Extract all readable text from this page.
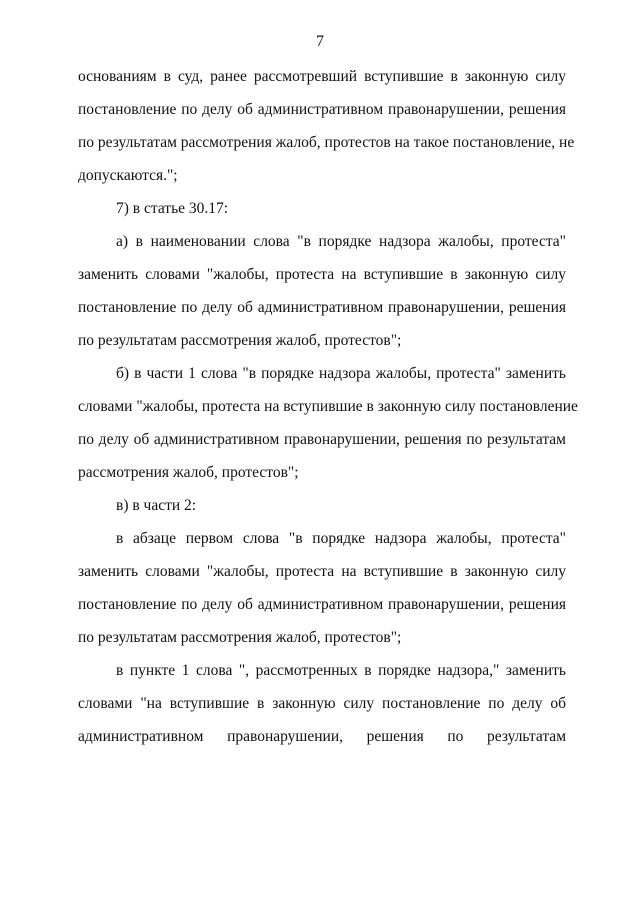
7
основаниям в суд, ранее рассмотревший вступившие в законную силу
постановление по делу об административном правонарушении, решения
по результатам рассмотрения жалоб, протестов на такое постановление, не
допускаются.";
7) в статье 30.17:
а) в наименовании слова "в порядке надзора жалобы, протеста"
заменить словами "жалобы, протеста на вступившие в законную силу
постановление по делу об административном правонарушении, решения
по результатам рассмотрения жалоб, протестов";
б) в части 1 слова "в порядке надзора жалобы, протеста" заменить
словами "жалобы, протеста на вступившие в законную силу постановление
по делу об административном правонарушении, решения по результатам
рассмотрения жалоб, протестов";
в) в части 2:
в абзаце первом слова "в порядке надзора жалобы, протеста"
заменить словами "жалобы, протеста на вступившие в законную силу
постановление по делу об административном правонарушении, решения
по результатам рассмотрения жалоб, протестов";
в пункте 1 слова ", рассмотренных в порядке надзора," заменить
словами "на вступившие в законную силу постановление по делу об
административном правонарушении, решения по результатам
